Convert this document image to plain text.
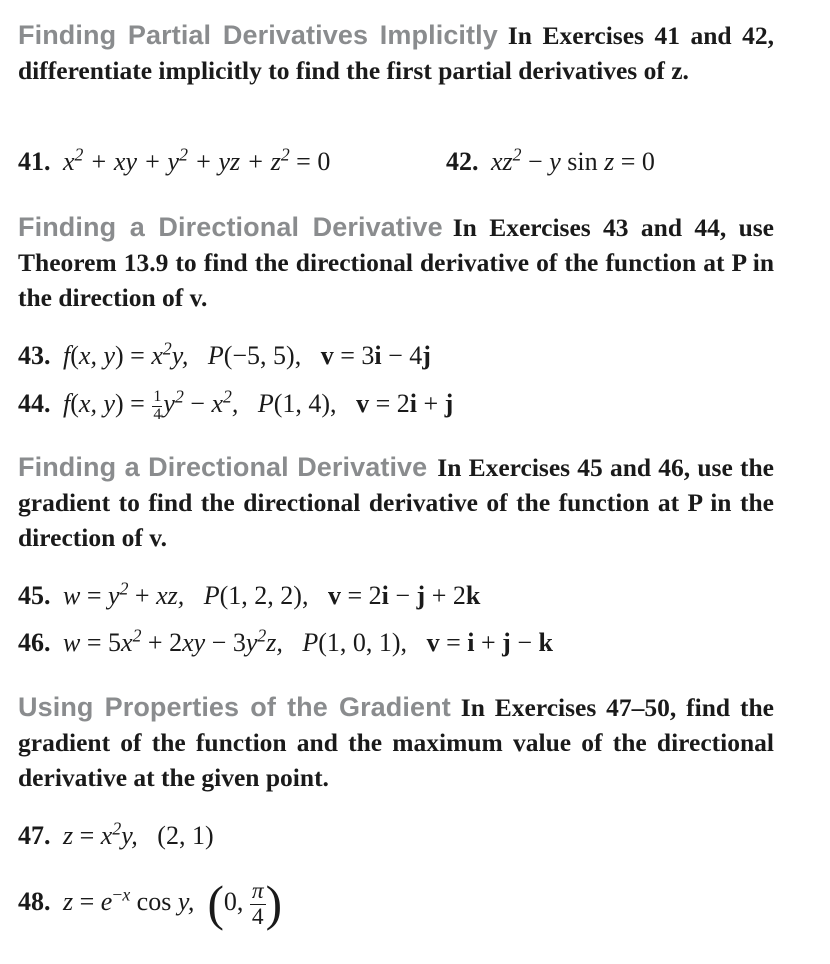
Finding Partial Derivatives Implicitly In Exercises 41 and 42, differentiate implicitly to find the first partial derivatives of z.
41. $x^2$ + xy + $y^2$ + yz + $z^2 = 0$	42. $xz^2 - y$ sin z = 0
Finding a Directional Derivative In Exercises 43 and 44, use Theorem 13.9 to find the directional derivative of the function at P in the direction of v.
43. f(x, $y) = x^2y$,   P(−5, 5), v = 3i − 4j
44. f(x, $y) = \frac{1}{4} y^2 - x^2$,   P(1, 4), v = 2i + j
Finding a Directional Derivative In Exercises 45 and 46, use the gradient to find the directional derivative of the function at P in the direction of v.
45. $w = y^2$ + xz,   P(1, 2, 2), v = 2i − j + 2k
46. $w = 5x^2 + 2xy - 3y^2z$,   P(1, 0, 1), v = i + j − k
Using Properties of the Gradient In Exercises 47–50, find the gradient of the function and the maximum value of the directional derivative at the given point.
47. $z = x^2y$,   (2, 1)
48. $z = e^{-x}$ cos y,  (0, $\frac{\pi}{4}$ )
